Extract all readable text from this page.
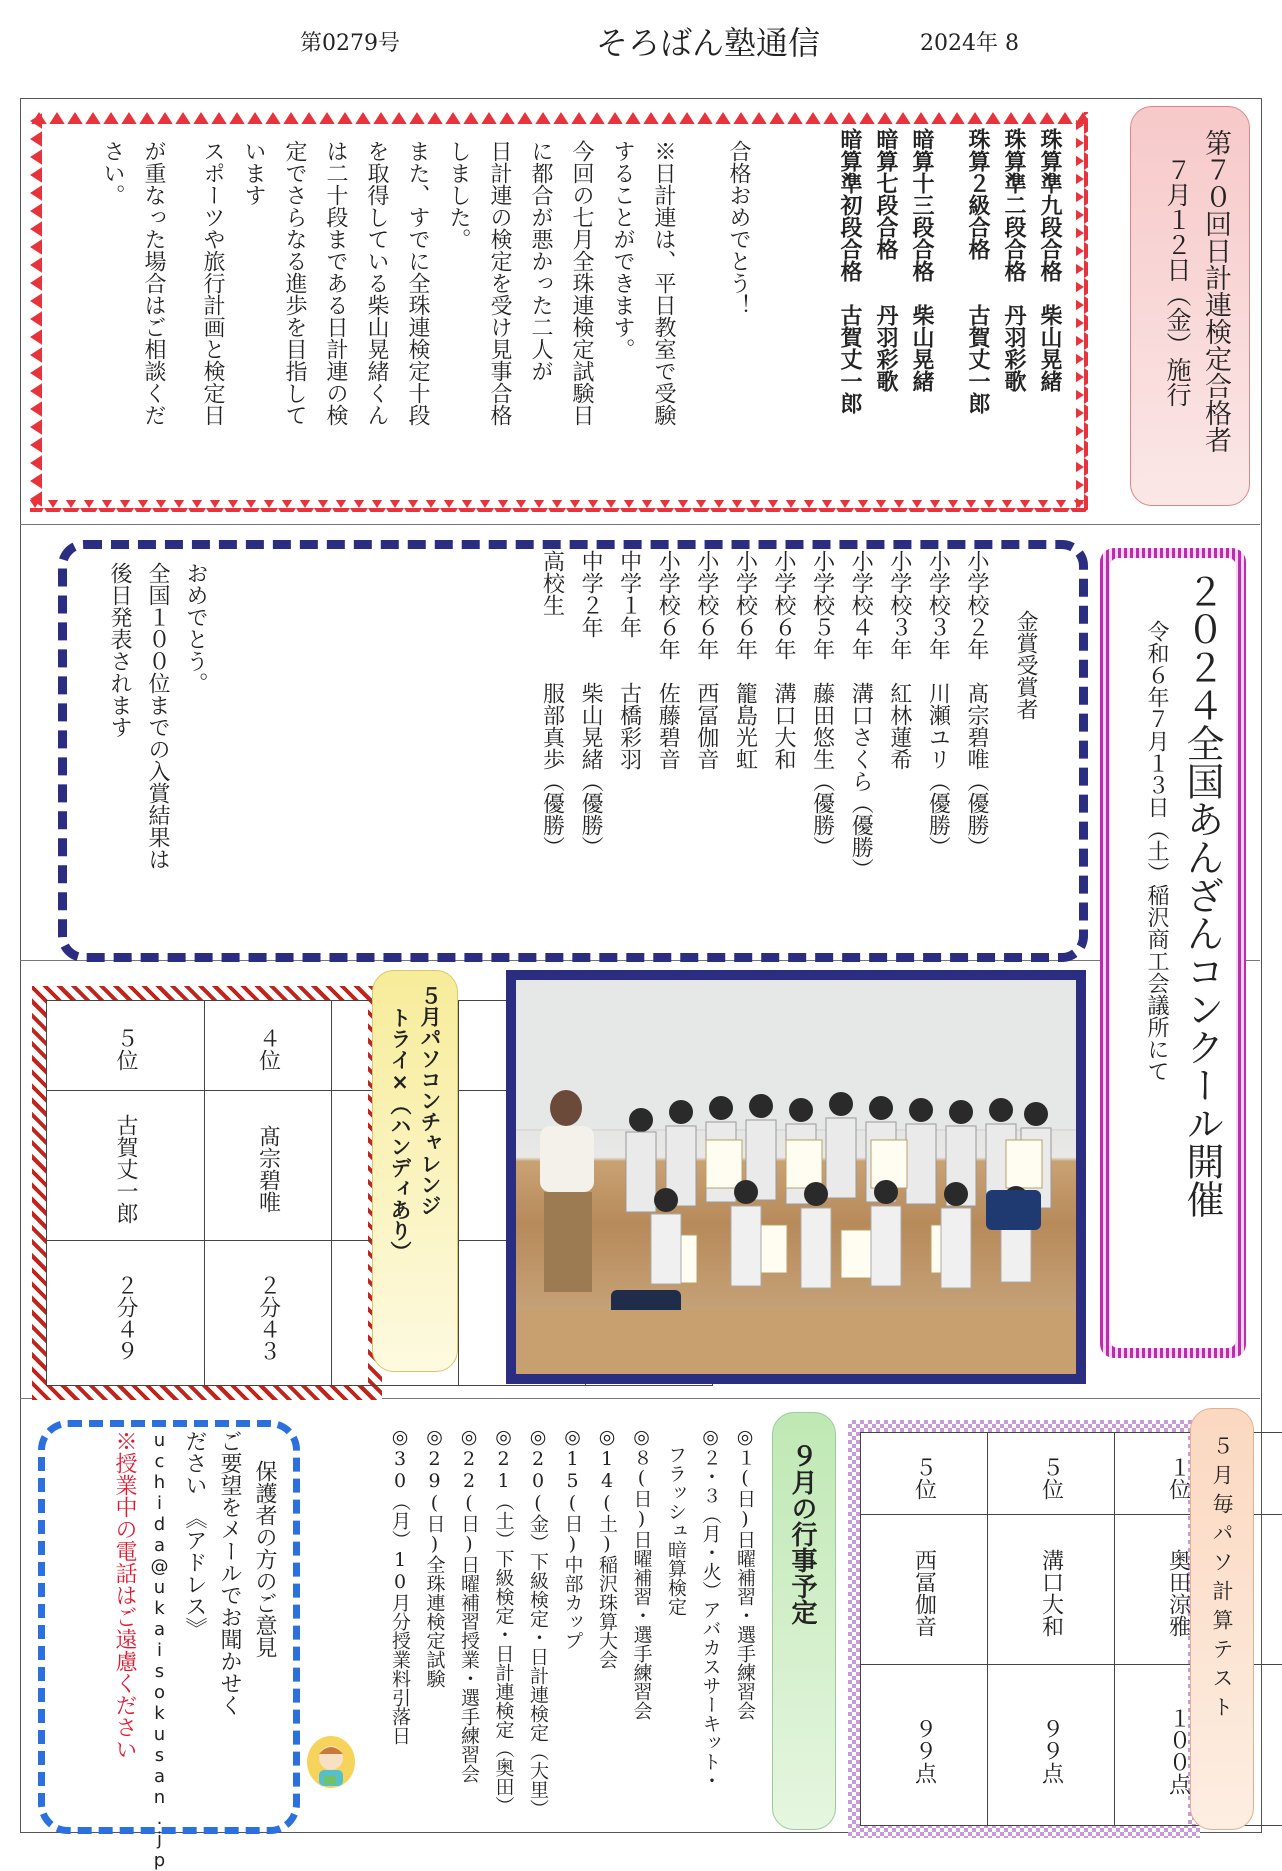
第0279号	そろばん塾通信	2024年 8
第７０回日計連検定合格者
７月１２日（金）施行
珠算準九段合格　柴山晃緒
珠算準二段合格　丹羽彩歌
珠算２級合格　　古賀丈一郎
暗算十三段合格　柴山晃緒
暗算七段合格　　丹羽彩歌
暗算準初段合格　古賀丈一郎
合格おめでとう！
※日計連は、平日教室で受験
することができます。
今回の七月全珠連検定試験日
に都合が悪かった二人が
日計連の検定を受け見事合格
しました。
また、すでに全珠連検定十段
を取得している柴山晃緒くん
は二十段まである日計連の検
定でさらなる進歩を目指して
います
スポーツや旅行計画と検定日
が重なった場合はご相談くだ
さい。
２０２４全国あんざんコンクール開催
令和６年７月１３日（土）稲沢商工会議所にて
金賞受賞者
小学校２年　髙宗碧唯（優勝）
小学校３年　川瀬ユリ（優勝）
小学校３年　紅林蓮希
小学校４年　溝口さくら（優勝）
小学校５年　藤田悠生（優勝）
小学校６年　溝口大和
小学校６年　籠島光虹
小学校６年　西冨伽音
小学校６年　佐藤碧音
中学１年　　古橋彩羽
中学２年　　柴山晃緒（優勝）
高校生　　　服部真歩（優勝）
おめでとう。
全国１００位までの入賞結果は
後日発表されます
			４位	５位
			髙宗碧唯	古賀丈一郎
			２分４３	２分４９
５月パソコンチャレンジ
トライ×（ハンディあり）
保護者の方のご意見
ご要望をメールでお聞かせく
ださい　《アドレス》
uchida@ukaisokusan.jp
※授業中の電話はご遠慮ください	◎１(日)日曜補習・選手練習会
◎２・３（月・火）アバカスサーキット・
　フラッシュ暗算検定
◎８(日)日曜補習・選手練習会
◎14(土)稲沢珠算大会
◎15(日)中部カップ
◎20(金）下級検定・日計連検定（大里）
◎21（土）下級検定・日計連検定（奥田）
◎22(日)日曜補習授業・選手練習会
◎29(日)全珠連検定試験
◎30（月）10月分授業料引落日	９月の行事予定
				１位	５位	５位
			奥田涼雅	溝口大和	西冨伽音
			１００点	９９点	９９点
５月毎パソ計算テスト
